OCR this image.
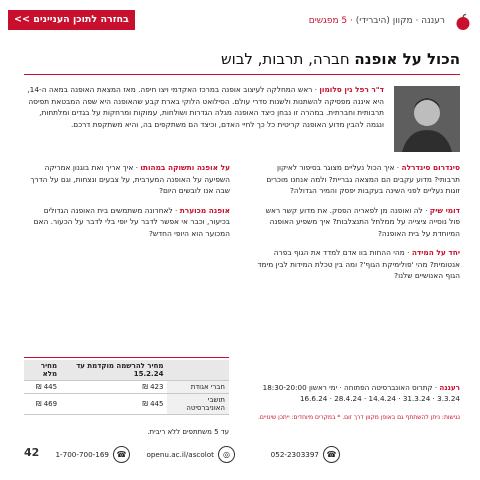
רעננה · מקוון (היברידי) · 5 מפגשים
<< בחזרה לתוכן העניינים
הכול על אופנה חברה, תרבות, לבוש
ד"ר רפל גין סלומון · ראש המחלקה לעיצוב אופנה במרכז האקדמי ויצו חיפה. מאז המצאת האופנה במאה ה-14, היא איננה מפסיקה להשתנות ולשנות סדרי עולם. הסילואט הלוקי בארת קבע שהאופנה היא שפה המבטאת תפיסה תרבותית וחברתית. במהרה זו נבחן כיצד האופנה מגלה הגדרות ושולחות, עמוקות ומרחקות על בגדים ומלתחות, ונגמה להבין מדוע האופנה קריטית כל כך לחיי האדם, וכיצד הם משתקפים בה, והיא משתקפת דרכם.

סינדרום סינדרלה · איך הכול נעליים מצוגר בסיפור לאיקון תרבותי? מדוע עקבים הם המצאה גבריית? ולמה אנחנו מוכרים זוגות נעליים לפני השינה בעקבות יפסק והמיר הגדולה?

דומי שיק · לה ואופנה מן לפאריה הפסק. את מדוע קשר ראש פול נוסייה ציצייה על ממלחל התנצלבות? איך משפיע האופנה המיוחדת על בית האופנה?

יחד על המידה · מהי ההחות בוו אדם למדד את הגוף בפרה אנטומית? מהי 'פולימיקת הגוף'? ומה בין טכלת המידות לבין מימד הגוף האנושיים שלנו?

על אופנה ותשוקה במהותו · איך אריך ואת בוגנון אמריקה השפיעה על האופנה המערבית, על צבעים ונצחות, וגם על הדרך שבה אנו לובשים היום?

אופנה מכוערת · לאחרונה משתמשים בית האופנה הגדולים בכיעור, וכבר אי אפשר לדבר על יופי בלי לדבר על הכעור. האם המכוער הוא היופי החדש?

רעננה · קתרוס האונברסיטה הפתוחה · ימי ראשון 18:30-20:00
3.3.24 · 31.3.24 · 14.4.24 · 28.4.24 · 16.6.24
נגישות: ניתן להשתתף גם באופן מקוון דרך זום. * במקרים מיוחדים: ייתכן שינויים.
	מחיר להרשמה מוקדמת עד 15.2.24	מחיר מלא
חברי אגודת	423 ₪	445 ₪
תושבי האוניברסיטה	445 ₪	469 ₪
עד 5 משתתפים ללא ריבית.
☎
052-2303397
◎
openu.ac.il/ascolot
☎
1-700-700-169
42
